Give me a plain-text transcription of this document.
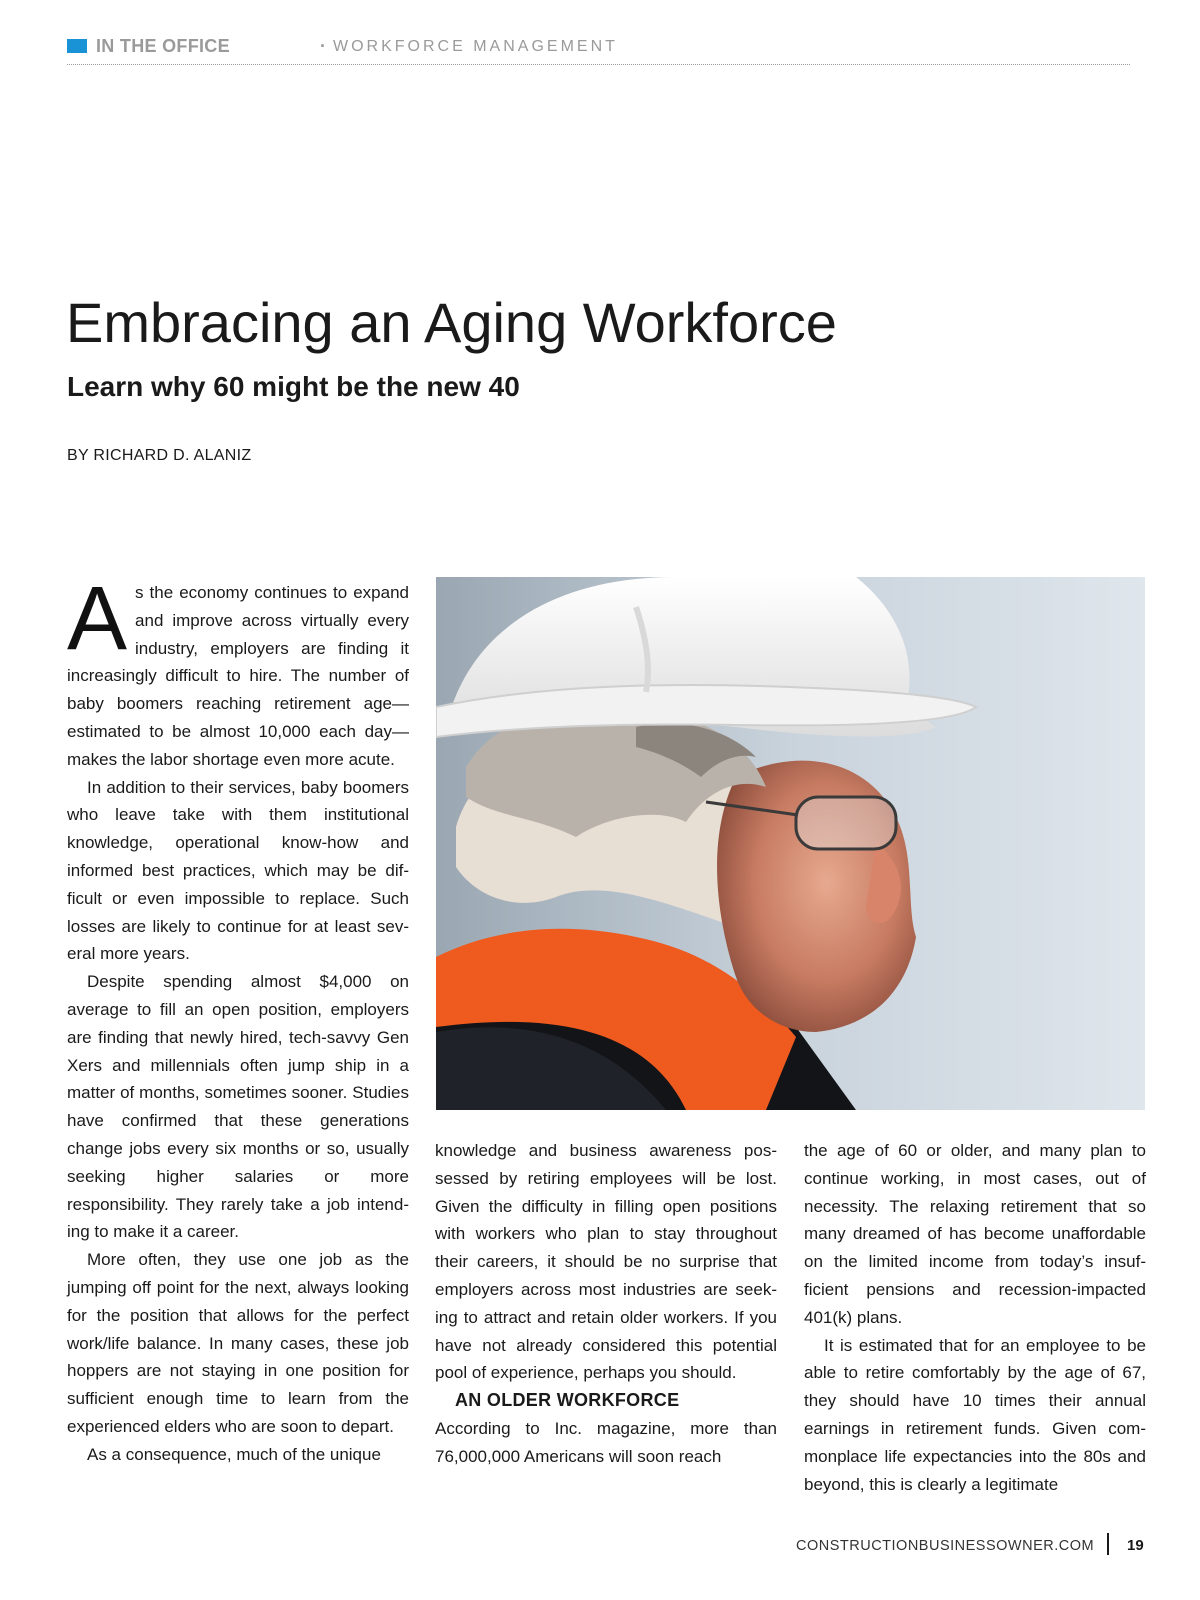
IN THE OFFICE	· WORKFORCE MANAGEMENT
Embracing an Aging Workforce
Learn why 60 might be the new 40
BY RICHARD D. ALANIZ

As the economy continues to expand and improve across virtually every industry, employers are finding it increasingly difficult to hire. The number of baby boomers reaching retirement age—estimated to be almost 10,000 each day—makes the labor shortage even more acute.

In addition to their services, baby boomers who leave take with them institutional knowledge, operational know-how and informed best practices, which may be difficult or even impossible to replace. Such losses are likely to continue for at least several more years.

Despite spending almost $4,000 on average to fill an open position, employers are finding that newly hired, tech-savvy Gen Xers and millennials often jump ship in a matter of months, sometimes sooner. Studies have confirmed that these generations change jobs every six months or so, usually seeking higher salaries or more responsibility. They rarely take a job intending to make it a career.

More often, they use one job as the jumping off point for the next, always looking for the position that allows for the perfect work/life balance. In many cases, these job hoppers are not staying in one position for sufficient enough time to learn from the experienced elders who are soon to depart.

As a consequence, much of the unique

knowledge and business awareness possessed by retiring employees will be lost. Given the difficulty in filling open positions with workers who plan to stay throughout their careers, it should be no surprise that employers across most industries are seeking to attract and retain older workers. If you have not already considered this potential pool of experience, perhaps you should.

AN OLDER WORKFORCE

According to Inc. magazine, more than 76,000,000 Americans will soon reach

the age of 60 or older, and many plan to continue working, in most cases, out of necessity. The relaxing retirement that so many dreamed of has become unaffordable on the limited income from today’s insufficient pensions and recession-impacted 401(k) plans.

It is estimated that for an employee to be able to retire comfortably by the age of 67, they should have 10 times their annual earnings in retirement funds. Given commonplace life expectancies into the 80s and beyond, this is clearly a legitimate

CONSTRUCTIONBUSINESSOWNER.COM 19
